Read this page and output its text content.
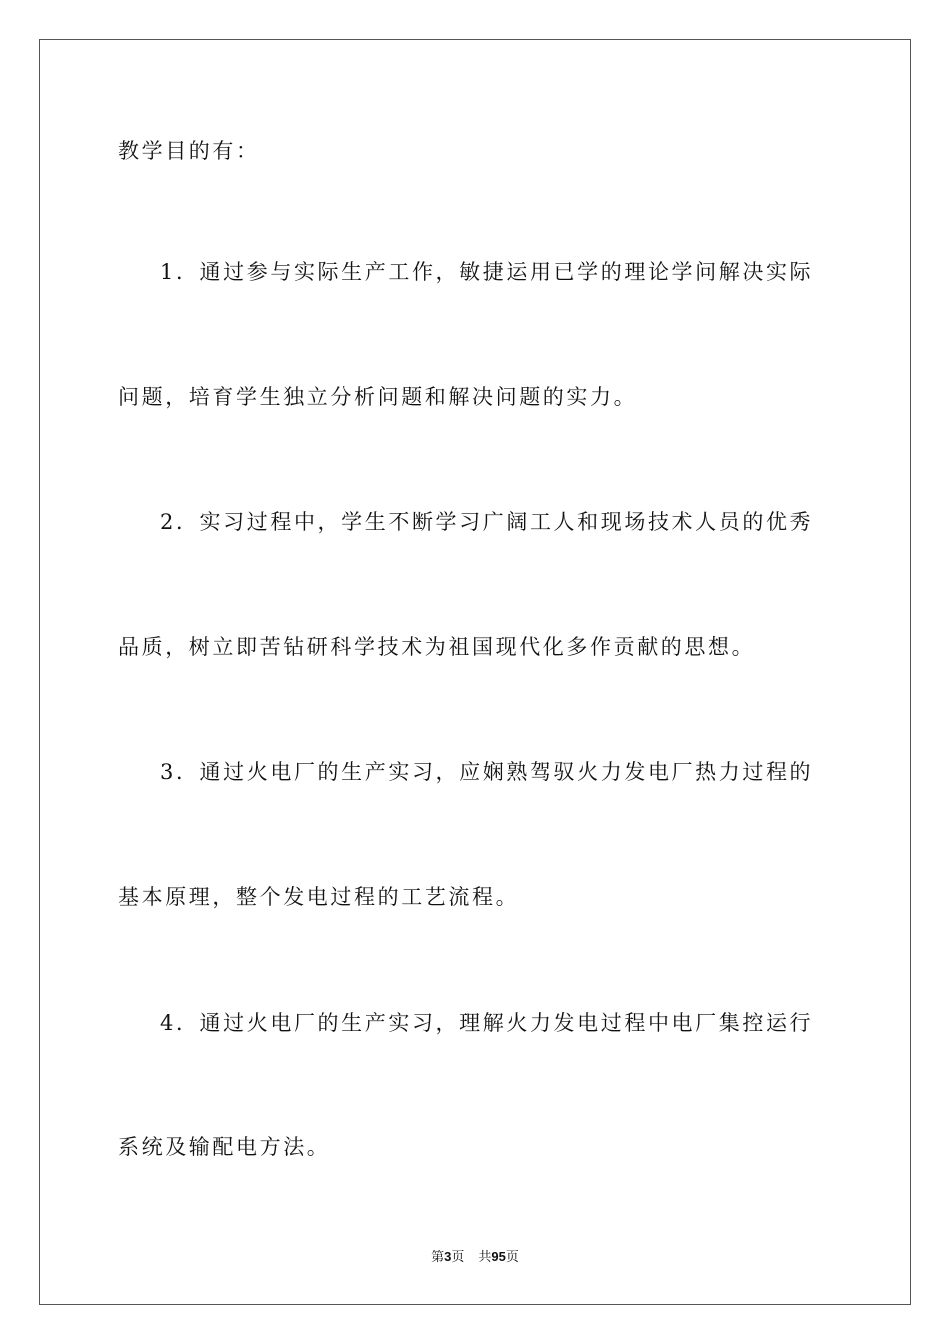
教学目的有：
1．通过参与实际生产工作，敏捷运用已学的理论学问解决实际
问题，培育学生独立分析问题和解决问题的实力。
2．实习过程中，学生不断学习广阔工人和现场技术人员的优秀
品质，树立即苦钻研科学技术为祖国现代化多作贡献的思想。
3．通过火电厂的生产实习，应娴熟驾驭火力发电厂热力过程的
基本原理，整个发电过程的工艺流程。
4．通过火电厂的生产实习，理解火力发电过程中电厂集控运行
系统及输配电方法。
第3页 共95页
